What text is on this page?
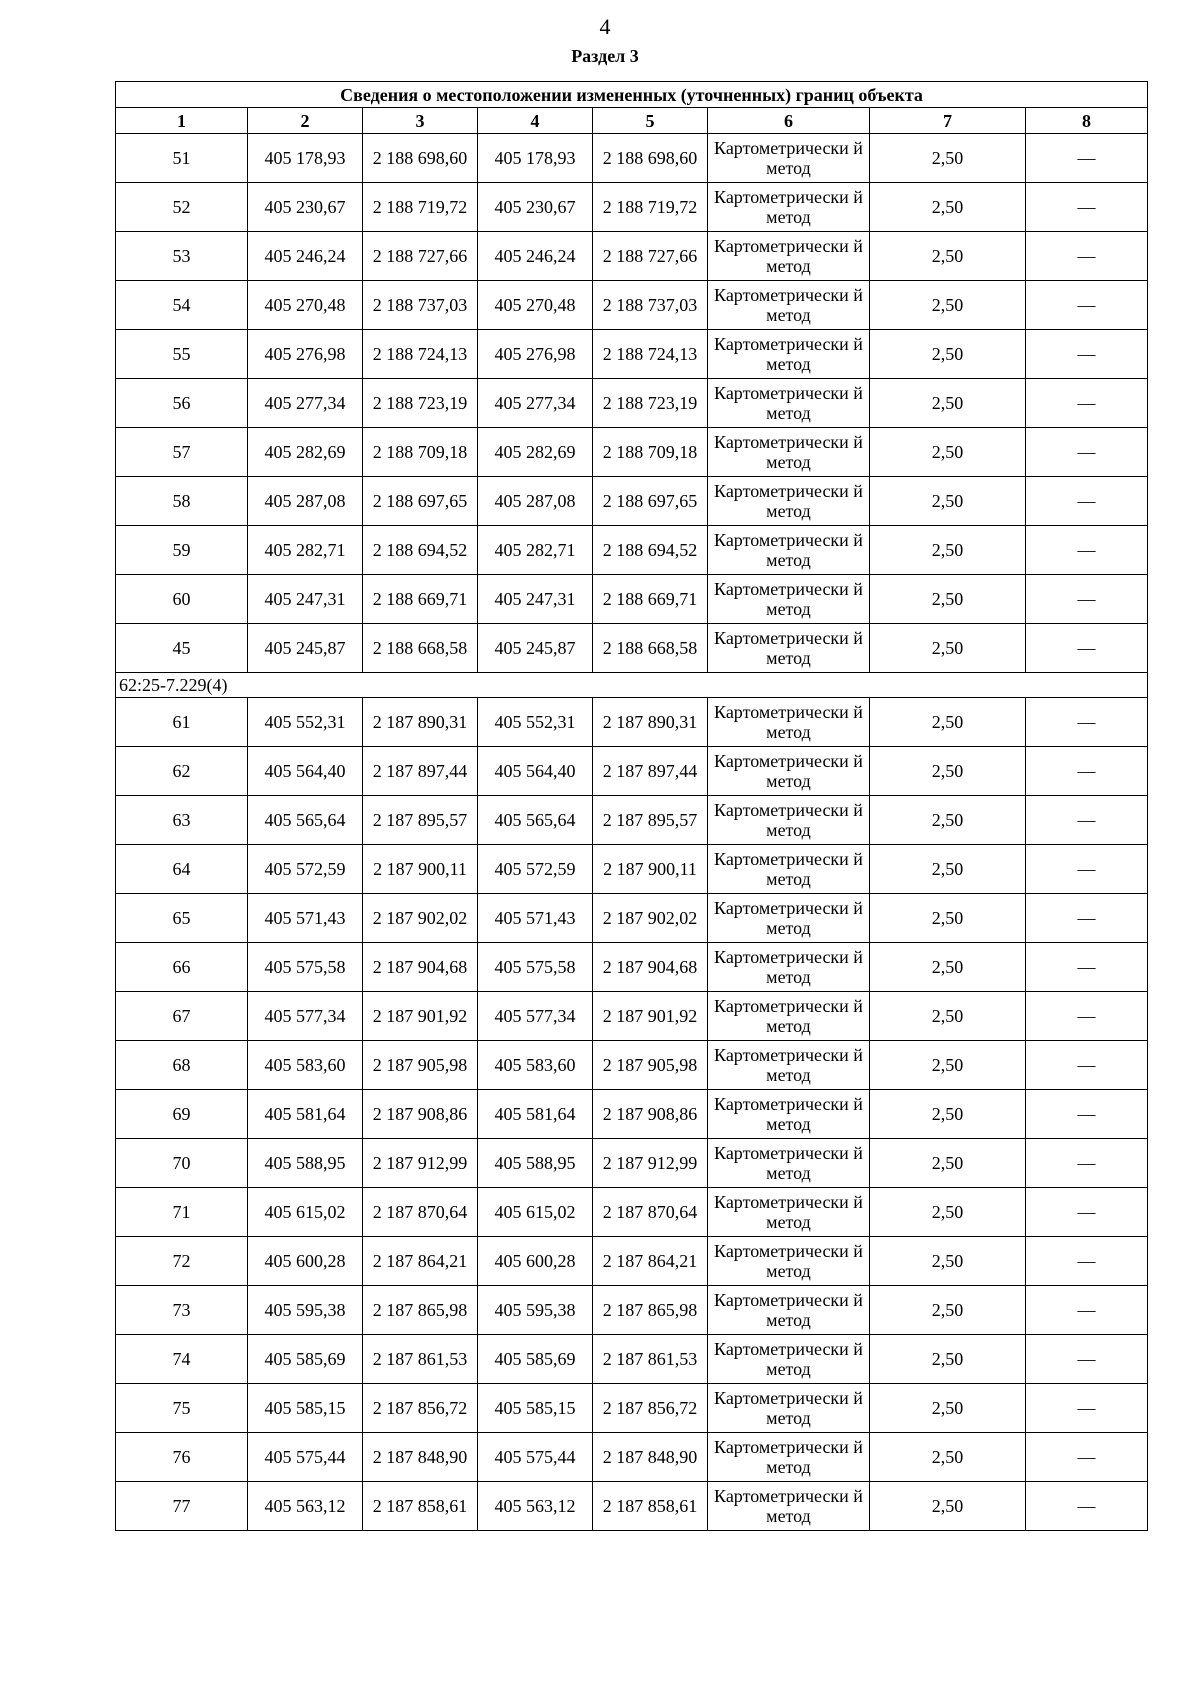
4
Раздел 3
Сведения о местоположении измененных (уточненных) границ объекта							
1	2	3	4	5	6	7	8
51	405 178,93	2 188 698,60	405 178,93	2 188 698,60	Картометрически й метод	2,50	—
52	405 230,67	2 188 719,72	405 230,67	2 188 719,72	Картометрически й метод	2,50	—
53	405 246,24	2 188 727,66	405 246,24	2 188 727,66	Картометрически й метод	2,50	—
54	405 270,48	2 188 737,03	405 270,48	2 188 737,03	Картометрически й метод	2,50	—
55	405 276,98	2 188 724,13	405 276,98	2 188 724,13	Картометрически й метод	2,50	—
56	405 277,34	2 188 723,19	405 277,34	2 188 723,19	Картометрически й метод	2,50	—
57	405 282,69	2 188 709,18	405 282,69	2 188 709,18	Картометрически й метод	2,50	—
58	405 287,08	2 188 697,65	405 287,08	2 188 697,65	Картометрически й метод	2,50	—
59	405 282,71	2 188 694,52	405 282,71	2 188 694,52	Картометрически й метод	2,50	—
60	405 247,31	2 188 669,71	405 247,31	2 188 669,71	Картометрически й метод	2,50	—
45	405 245,87	2 188 668,58	405 245,87	2 188 668,58	Картометрически й метод	2,50	—
62:25-7.229(4)							
61	405 552,31	2 187 890,31	405 552,31	2 187 890,31	Картометрически й метод	2,50	—
62	405 564,40	2 187 897,44	405 564,40	2 187 897,44	Картометрически й метод	2,50	—
63	405 565,64	2 187 895,57	405 565,64	2 187 895,57	Картометрически й метод	2,50	—
64	405 572,59	2 187 900,11	405 572,59	2 187 900,11	Картометрически й метод	2,50	—
65	405 571,43	2 187 902,02	405 571,43	2 187 902,02	Картометрически й метод	2,50	—
66	405 575,58	2 187 904,68	405 575,58	2 187 904,68	Картометрически й метод	2,50	—
67	405 577,34	2 187 901,92	405 577,34	2 187 901,92	Картометрически й метод	2,50	—
68	405 583,60	2 187 905,98	405 583,60	2 187 905,98	Картометрически й метод	2,50	—
69	405 581,64	2 187 908,86	405 581,64	2 187 908,86	Картометрически й метод	2,50	—
70	405 588,95	2 187 912,99	405 588,95	2 187 912,99	Картометрически й метод	2,50	—
71	405 615,02	2 187 870,64	405 615,02	2 187 870,64	Картометрически й метод	2,50	—
72	405 600,28	2 187 864,21	405 600,28	2 187 864,21	Картометрически й метод	2,50	—
73	405 595,38	2 187 865,98	405 595,38	2 187 865,98	Картометрически й метод	2,50	—
74	405 585,69	2 187 861,53	405 585,69	2 187 861,53	Картометрически й метод	2,50	—
75	405 585,15	2 187 856,72	405 585,15	2 187 856,72	Картометрически й метод	2,50	—
76	405 575,44	2 187 848,90	405 575,44	2 187 848,90	Картометрически й метод	2,50	—
77	405 563,12	2 187 858,61	405 563,12	2 187 858,61	Картометрически й метод	2,50	—
